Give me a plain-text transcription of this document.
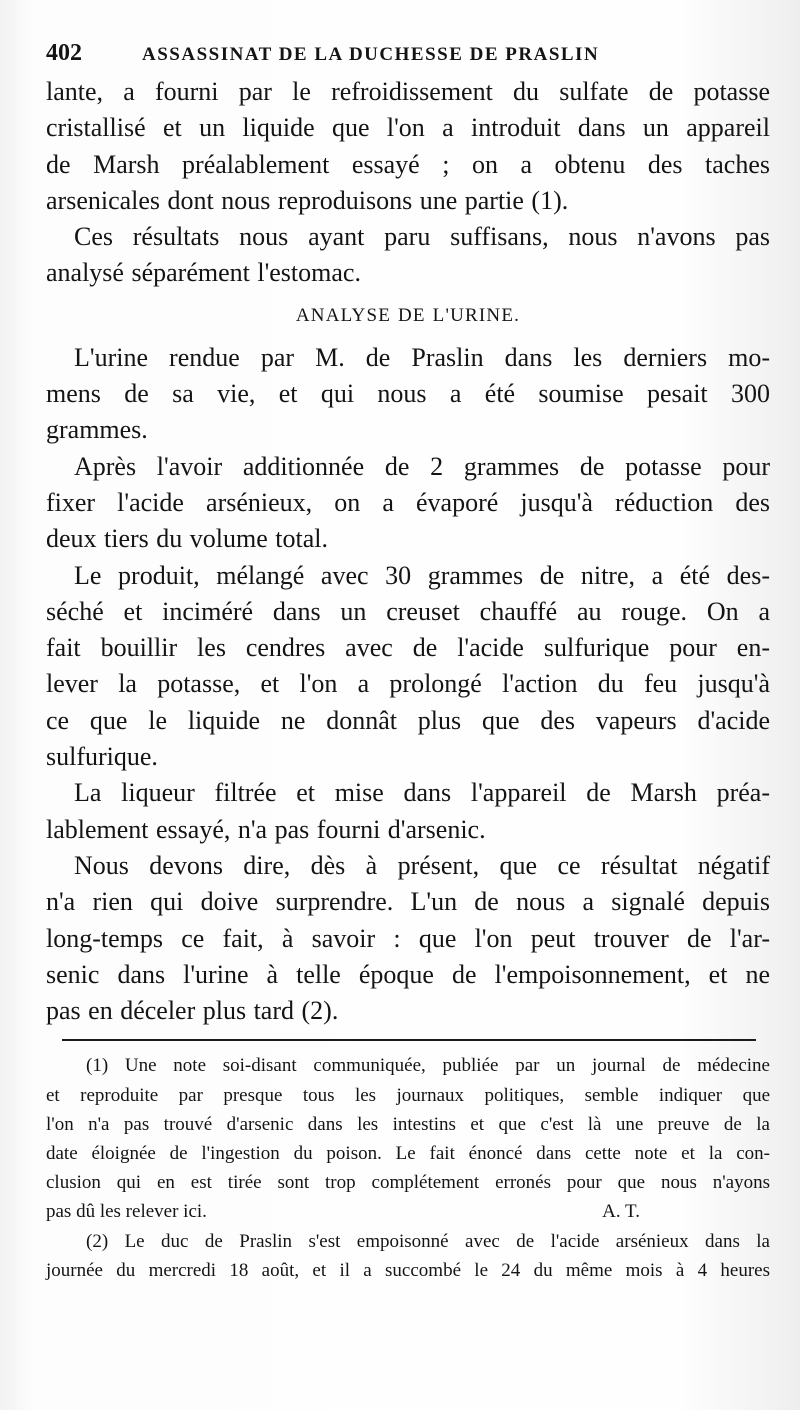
402	ASSASSINAT DE LA DUCHESSE DE PRASLIN
lante, a fourni par le refroidissement du sulfate de potasse
cristallisé et un liquide que l'on a introduit dans un appareil
de Marsh préalablement essayé ; on a obtenu des taches
arsenicales dont nous reproduisons une partie (1).
Ces résultats nous ayant paru suffisans, nous n'avons pas
analysé séparément l'estomac.
ANALYSE DE L'URINE.
L'urine rendue par M. de Praslin dans les derniers mo-
mens de sa vie, et qui nous a été soumise pesait 300
grammes.
Après l'avoir additionnée de 2 grammes de potasse pour
fixer l'acide arsénieux, on a évaporé jusqu'à réduction des
deux tiers du volume total.
Le produit, mélangé avec 30 grammes de nitre, a été des-
séché et inciméré dans un creuset chauffé au rouge. On a
fait bouillir les cendres avec de l'acide sulfurique pour en-
lever la potasse, et l'on a prolongé l'action du feu jusqu'à
ce que le liquide ne donnât plus que des vapeurs d'acide
sulfurique.
La liqueur filtrée et mise dans l'appareil de Marsh préa-
lablement essayé, n'a pas fourni d'arsenic.
Nous devons dire, dès à présent, que ce résultat négatif
n'a rien qui doive surprendre. L'un de nous a signalé depuis
long-temps ce fait, à savoir : que l'on peut trouver de l'ar-
senic dans l'urine à telle époque de l'empoisonnement, et ne
pas en déceler plus tard (2).
(1) Une note soi-disant communiquée, publiée par un journal de médecine
et reproduite par presque tous les journaux politiques, semble indiquer que
l'on n'a pas trouvé d'arsenic dans les intestins et que c'est là une preuve de la
date éloignée de l'ingestion du poison. Le fait énoncé dans cette note et la con-
clusion qui en est tirée sont trop complétement erronés pour que nous n'ayons
pas dû les relever ici.	A. T.
(2) Le duc de Praslin s'est empoisonné avec de l'acide arsénieux dans la
journée du mercredi 18 août, et il a succombé le 24 du même mois à 4 heures
